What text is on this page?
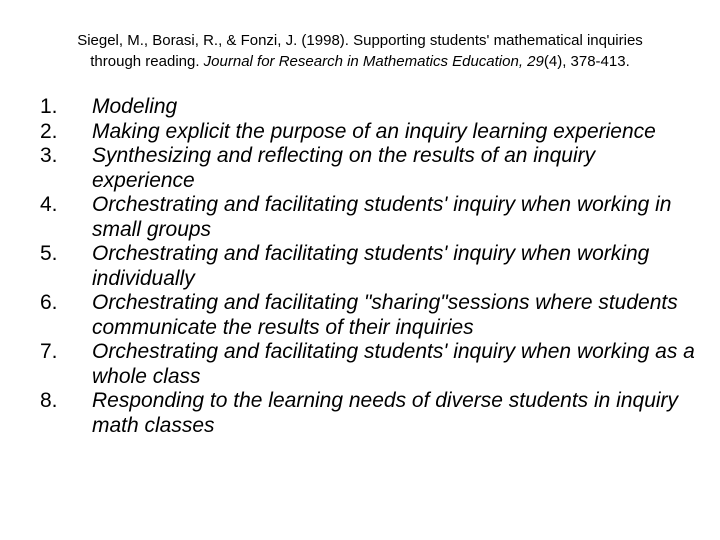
Siegel, M., Borasi, R., & Fonzi, J. (1998). Supporting students' mathematical inquiries
through reading. Journal for Research in Mathematics Education, 29(4), 378-413.
1.	Modeling
2.	Making explicit the purpose of an inquiry learning experience
3.	Synthesizing and reflecting on the results of an inquiry experience
4.	Orchestrating and facilitating students' inquiry when working in small groups
5.	Orchestrating and facilitating students' inquiry when working individually
6.	Orchestrating and facilitating "sharing"sessions where students communicate the results of their inquiries
7.	Orchestrating and facilitating students' inquiry when working as a whole class
8.	Responding to the learning needs of diverse students in inquiry math classes
